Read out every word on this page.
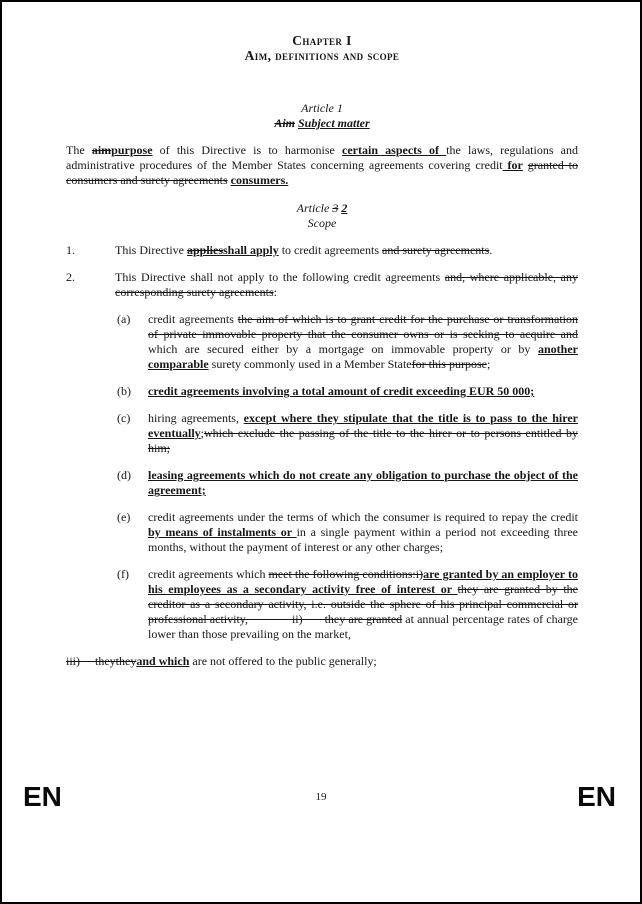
Chapter I
Aim, definitions and scope
Article 1
Aim Subject matter

The aimpurpose of this Directive is to harmonise certain aspects of the laws, regulations and administrative procedures of the Member States concerning agreements covering credit for granted to consumers and surety agreements consumers.

Article 3 2
Scope
1.	This Directive appliesshall apply to credit agreements and surety agreements.
2.	This Directive shall not apply to the following credit agreements and, where applicable, any corresponding surety agreements:
(a)	credit agreements the aim of which is to grant credit for the purchase or transformation of private immovable property that the consumer owns or is seeking to acquire and which are secured either by a mortgage on immovable property or by another comparable surety commonly used in a Member Statefor this purpose;
(b)	credit agreements involving a total amount of credit exceeding EUR 50 000;
(c)	hiring agreements, except where they stipulate that the title is to pass to the hirer eventually;which exclude the passing of the title to the hirer or to persons entitled by him;
(d)	leasing agreements which do not create any obligation to purchase the object of the agreement;
(e)	credit agreements under the terms of which the consumer is required to repay the credit by means of instalments or in a single payment within a period not exceeding three months, without the payment of interest or any other charges;
(f)	credit agreements which meet the following conditions:i)are granted by an employer to his employees as a secondary activity free of interest or they are granted by the creditor as a secondary activity, i.e. outside the sphere of his principal commercial or professional activity,	ii) they are granted at annual percentage rates of charge lower than those prevailing on the market,

iii) theytheyand which are not offered to the public generally;

EN	19	EN
